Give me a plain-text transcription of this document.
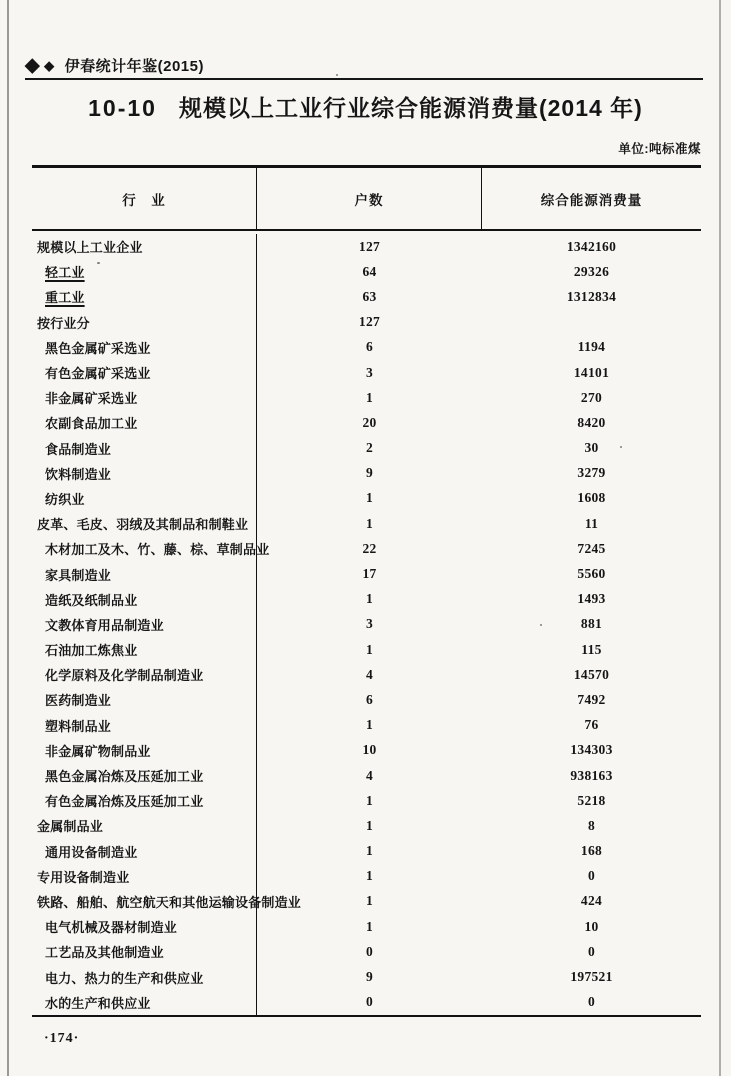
◆ ◆ 伊春统计年鉴(2015)
10-10 规模以上工业行业综合能源消费量(2014 年)
单位:吨标准煤
行　业	户数	综合能源消费量
规模以上工业企业	127	1342160
轻工业	64	29326
重工业	63	1312834
按行业分	127
黑色金属矿采选业	6	1194
有色金属矿采选业	3	14101
非金属矿采选业	1	270
农副食品加工业	20	8420
食品制造业	2	30
饮料制造业	9	3279
纺织业	1	1608
皮革、毛皮、羽绒及其制品和制鞋业	1	11
木材加工及木、竹、藤、棕、草制品业	22	7245
家具制造业	17	5560
造纸及纸制品业	1	1493
文教体育用品制造业	3	881
石油加工炼焦业	1	115
化学原料及化学制品制造业	4	14570
医药制造业	6	7492
塑料制品业	1	76
非金属矿物制品业	10	134303
黑色金属冶炼及压延加工业	4	938163
有色金属冶炼及压延加工业	1	5218
金属制品业	1	8
通用设备制造业	1	168
专用设备制造业	1	0
铁路、船舶、航空航天和其他运输设备制造业	1	424
电气机械及器材制造业	1	10
工艺品及其他制造业	0	0
电力、热力的生产和供应业	9	197521
水的生产和供应业	0	0
·174·
